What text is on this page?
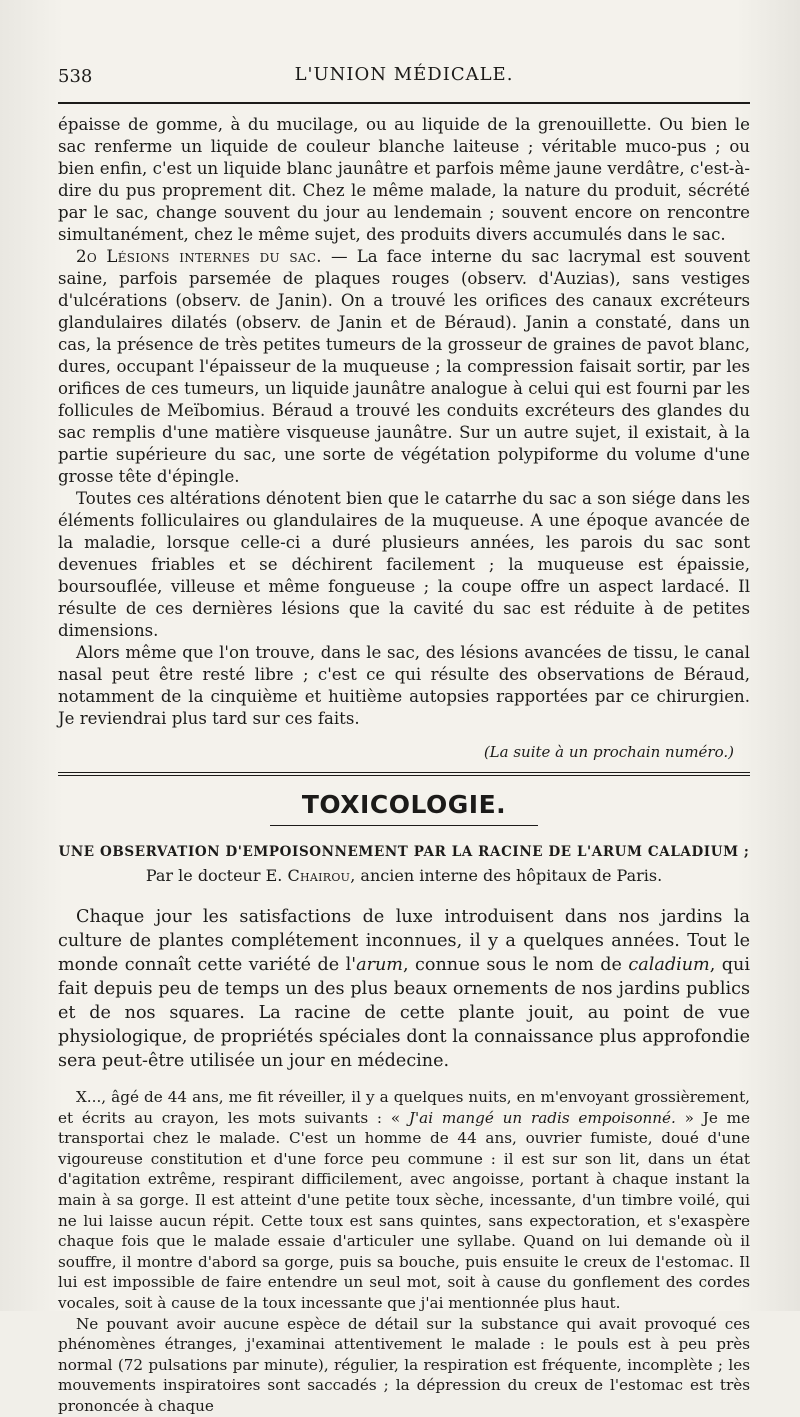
538	L'UNION MÉDICALE.

épaisse de gomme, à du mucilage, ou au liquide de la grenouillette. Ou bien le sac renferme un liquide de couleur blanche laiteuse ; véritable muco-pus ; ou bien enfin, c'est un liquide blanc jaunâtre et parfois même jaune verdâtre, c'est-à-dire du pus proprement dit. Chez le même malade, la nature du produit, sécrété par le sac, change souvent du jour au lendemain ; souvent encore on rencontre simultanément, chez le même sujet, des produits divers accumulés dans le sac.

2o Lésions internes du sac. — La face interne du sac lacrymal est souvent saine, parfois parsemée de plaques rouges (observ. d'Auzias), sans vestiges d'ulcérations (observ. de Janin). On a trouvé les orifices des canaux excréteurs glandulaires dilatés (observ. de Janin et de Béraud). Janin a constaté, dans un cas, la présence de très petites tumeurs de la grosseur de graines de pavot blanc, dures, occupant l'épaisseur de la muqueuse ; la compression faisait sortir, par les orifices de ces tumeurs, un liquide jaunâtre analogue à celui qui est fourni par les follicules de Meïbomius. Béraud a trouvé les conduits excréteurs des glandes du sac remplis d'une matière visqueuse jaunâtre. Sur un autre sujet, il existait, à la partie supérieure du sac, une sorte de végétation polypiforme du volume d'une grosse tête d'épingle.

Toutes ces altérations dénotent bien que le catarrhe du sac a son siége dans les éléments folliculaires ou glandulaires de la muqueuse. A une époque avancée de la maladie, lorsque celle-ci a duré plusieurs années, les parois du sac sont devenues friables et se déchirent facilement ; la muqueuse est épaissie, boursouflée, villeuse et même fongueuse ; la coupe offre un aspect lardacé. Il résulte de ces dernières lésions que la cavité du sac est réduite à de petites dimensions.

Alors même que l'on trouve, dans le sac, des lésions avancées de tissu, le canal nasal peut être resté libre ; c'est ce qui résulte des observations de Béraud, notamment de la cinquième et huitième autopsies rapportées par ce chirurgien. Je reviendrai plus tard sur ces faits.

(La suite à un prochain numéro.)
TOXICOLOGIE.
UNE OBSERVATION D'EMPOISONNEMENT PAR LA RACINE DE L'ARUM CALADIUM ;
Par le docteur E. Chairou, ancien interne des hôpitaux de Paris.

Chaque jour les satisfactions de luxe introduisent dans nos jardins la culture de plantes complétement inconnues, il y a quelques années. Tout le monde connaît cette variété de l'arum, connue sous le nom de caladium, qui fait depuis peu de temps un des plus beaux ornements de nos jardins publics et de nos squares. La racine de cette plante jouit, au point de vue physiologique, de propriétés spéciales dont la connaissance plus approfondie sera peut-être utilisée un jour en médecine.

X..., âgé de 44 ans, me fit réveiller, il y a quelques nuits, en m'envoyant grossièrement, et écrits au crayon, les mots suivants : « J'ai mangé un radis empoisonné. » Je me transportai chez le malade. C'est un homme de 44 ans, ouvrier fumiste, doué d'une vigoureuse constitution et d'une force peu commune : il est sur son lit, dans un état d'agitation extrême, respirant difficilement, avec angoisse, portant à chaque instant la main à sa gorge. Il est atteint d'une petite toux sèche, incessante, d'un timbre voilé, qui ne lui laisse aucun répit. Cette toux est sans quintes, sans expectoration, et s'exaspère chaque fois que le malade essaie d'articuler une syllabe. Quand on lui demande où il souffre, il montre d'abord sa gorge, puis sa bouche, puis ensuite le creux de l'estomac. Il lui est impossible de faire entendre un seul mot, soit à cause du gonflement des cordes vocales, soit à cause de la toux incessante que j'ai mentionnée plus haut.

Ne pouvant avoir aucune espèce de détail sur la substance qui avait provoqué ces phénomènes étranges, j'examinai attentivement le malade : le pouls est à peu près normal (72 pulsations par minute), régulier, la respiration est fréquente, incomplète ; les mouvements inspiratoires sont saccadés ; la dépression du creux de l'estomac est très prononcée à chaque
